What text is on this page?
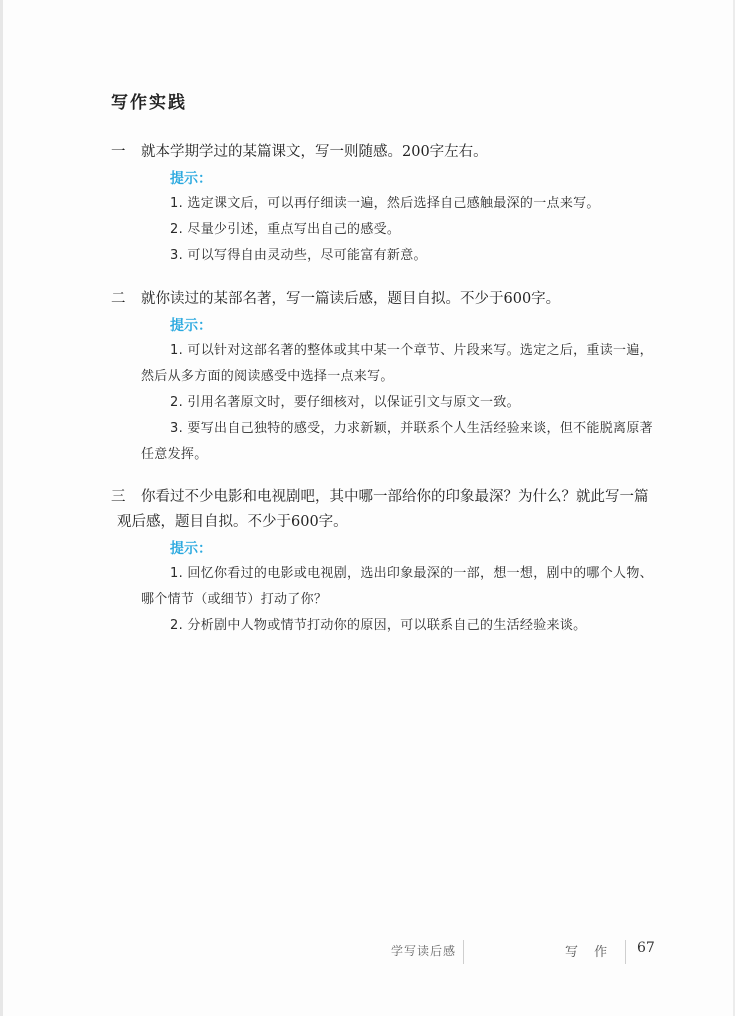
写作实践
一	就本学期学过的某篇课文，写一则随感。200字左右。
提示：
1. 选定课文后，可以再仔细读一遍，然后选择自己感触最深的一点来写。
2. 尽量少引述，重点写出自己的感受。
3. 可以写得自由灵动些，尽可能富有新意。
二	就你读过的某部名著，写一篇读后感，题目自拟。不少于600字。
提示：
1. 可以针对这部名著的整体或其中某一个章节、片段来写。选定之后，重读一遍，然后从多方面的阅读感受中选择一点来写。
2. 引用名著原文时，要仔细核对，以保证引文与原文一致。
3. 要写出自己独特的感受，力求新颖，并联系个人生活经验来谈，但不能脱离原著任意发挥。
三	你看过不少电影和电视剧吧，其中哪一部给你的印象最深？为什么？就此写一篇
观后感，题目自拟。不少于600字。
提示：
1. 回忆你看过的电影或电视剧，选出印象最深的一部，想一想，剧中的哪个人物、哪个情节（或细节）打动了你？
2. 分析剧中人物或情节打动你的原因，可以联系自己的生活经验来谈。
学写读后感	写 作 67
